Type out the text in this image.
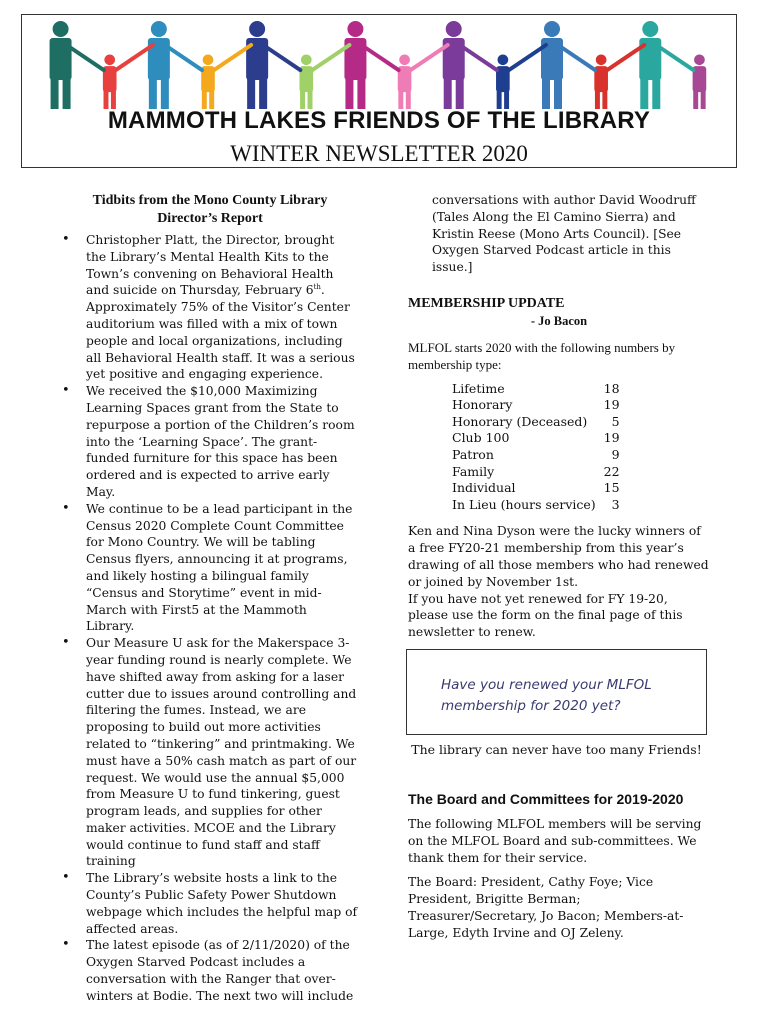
MAMMOTH LAKES FRIENDS OF THE LIBRARY
WINTER NEWSLETTER 2020
Tidbits from the Mono County Library
Director’s Report
• Christopher Platt, the Director, brought the Library’s Mental Health Kits to the Town’s convening on Behavioral Health and suicide on Thursday, February 6th. Approximately 75% of the Visitor’s Center auditorium was filled with a mix of town people and local organizations, including all Behavioral Health staff. It was a serious yet positive and engaging experience.
• We received the $10,000 Maximizing Learning Spaces grant from the State to repurpose a portion of the Children’s room into the ‘Learning Space’. The grant-funded furniture for this space has been ordered and is expected to arrive early May.
• We continue to be a lead participant in the Census 2020 Complete Count Committee for Mono Country. We will be tabling Census flyers, announcing it at programs, and likely hosting a bilingual family “Census and Storytime” event in mid-March with First5 at the Mammoth Library.
• Our Measure U ask for the Makerspace 3-year funding round is nearly complete. We have shifted away from asking for a laser cutter due to issues around controlling and filtering the fumes. Instead, we are proposing to build out more activities related to “tinkering” and printmaking. We must have a 50% cash match as part of our request. We would use the annual $5,000 from Measure U to fund tinkering, guest program leads, and supplies for other maker activities. MCOE and the Library would continue to fund staff and staff training
• The Library’s website hosts a link to the County’s Public Safety Power Shutdown webpage which includes the helpful map of affected areas.
• The latest episode (as of 2/11/2020) of the Oxygen Starved Podcast includes a conversation with the Ranger that over-winters at Bodie. The next two will include
conversations with author David Woodruff (Tales Along the El Camino Sierra) and Kristin Reese (Mono Arts Council). [See Oxygen Starved Podcast article in this issue.]
MEMBERSHIP UPDATE
- Jo Bacon
MLFOL starts 2020 with the following numbers by membership type:
Lifetime	18
Honorary	19
Honorary (Deceased)	5
Club 100	19
Patron	9
Family	22
Individual	15
In Lieu (hours service)	3
Ken and Nina Dyson were the lucky winners of a free FY20-21 membership from this year’s drawing of all those members who had renewed or joined by November 1st.
If you have not yet renewed for FY 19-20, please use the form on the final page of this newsletter to renew.
Have you renewed your MLFOL
membership for 2020 yet?
The library can never have too many Friends!
The Board and Committees for 2019-2020

The following MLFOL members will be serving on the MLFOL Board and sub-committees. We thank them for their service.

The Board: President, Cathy Foye; Vice President, Brigitte Berman; Treasurer/Secretary, Jo Bacon; Members-at-Large, Edyth Irvine and OJ Zeleny.
